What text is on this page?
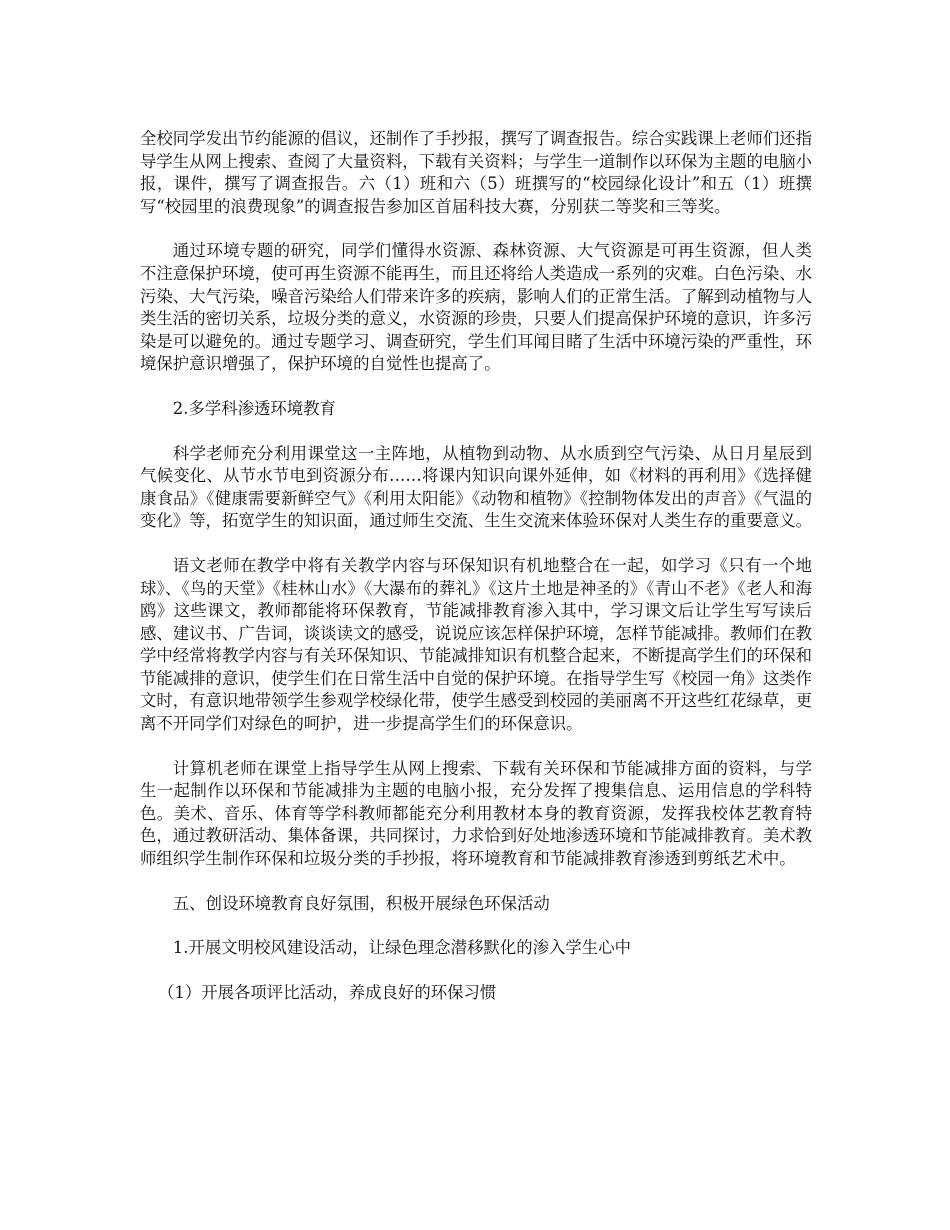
全校同学发出节约能源的倡议，还制作了手抄报，撰写了调查报告。综合实践课上老师们还指导学生从网上搜索、查阅了大量资料，下载有关资料；与学生一道制作以环保为主题的电脑小报，课件，撰写了调查报告。六（1）班和六（5）班撰写的“校园绿化设计”和五（1）班撰写“校园里的浪费现象”的调查报告参加区首届科技大赛，分别获二等奖和三等奖。

通过环境专题的研究，同学们懂得水资源、森林资源、大气资源是可再生资源，但人类不注意保护环境，使可再生资源不能再生，而且还将给人类造成一系列的灾难。白色污染、水污染、大气污染，噪音污染给人们带来许多的疾病，影响人们的正常生活。了解到动植物与人类生活的密切关系，垃圾分类的意义，水资源的珍贵，只要人们提高保护环境的意识，许多污染是可以避免的。通过专题学习、调查研究，学生们耳闻目睹了生活中环境污染的严重性，环境保护意识增强了，保护环境的自觉性也提高了。

2.多学科渗透环境教育

科学老师充分利用课堂这一主阵地，从植物到动物、从水质到空气污染、从日月星辰到气候变化、从节水节电到资源分布……将课内知识向课外延伸，如《材料的再利用》《选择健康食品》《健康需要新鲜空气》《利用太阳能》《动物和植物》《控制物体发出的声音》《气温的变化》等，拓宽学生的知识面，通过师生交流、生生交流来体验环保对人类生存的重要意义。

语文老师在教学中将有关教学内容与环保知识有机地整合在一起，如学习《只有一个地球》、《鸟的天堂》《桂林山水》《大瀑布的葬礼》《这片土地是神圣的》《青山不老》《老人和海鸥》这些课文，教师都能将环保教育，节能减排教育渗入其中，学习课文后让学生写写读后感、建议书、广告词，谈谈读文的感受，说说应该怎样保护环境，怎样节能减排。教师们在教学中经常将教学内容与有关环保知识、节能减排知识有机整合起来，不断提高学生们的环保和节能减排的意识，使学生们在日常生活中自觉的保护环境。在指导学生写《校园一角》这类作文时，有意识地带领学生参观学校绿化带，使学生感受到校园的美丽离不开这些红花绿草，更离不开同学们对绿色的呵护，进一步提高学生们的环保意识。

计算机老师在课堂上指导学生从网上搜索、下载有关环保和节能减排方面的资料，与学生一起制作以环保和节能减排为主题的电脑小报，充分发挥了搜集信息、运用信息的学科特色。美术、音乐、体育等学科教师都能充分利用教材本身的教育资源，发挥我校体艺教育特色，通过教研活动、集体备课，共同探讨，力求恰到好处地渗透环境和节能减排教育。美术教师组织学生制作环保和垃圾分类的手抄报，将环境教育和节能减排教育渗透到剪纸艺术中。

五、创设环境教育良好氛围，积极开展绿色环保活动

1.开展文明校风建设活动，让绿色理念潜移默化的渗入学生心中

（1）开展各项评比活动，养成良好的环保习惯
